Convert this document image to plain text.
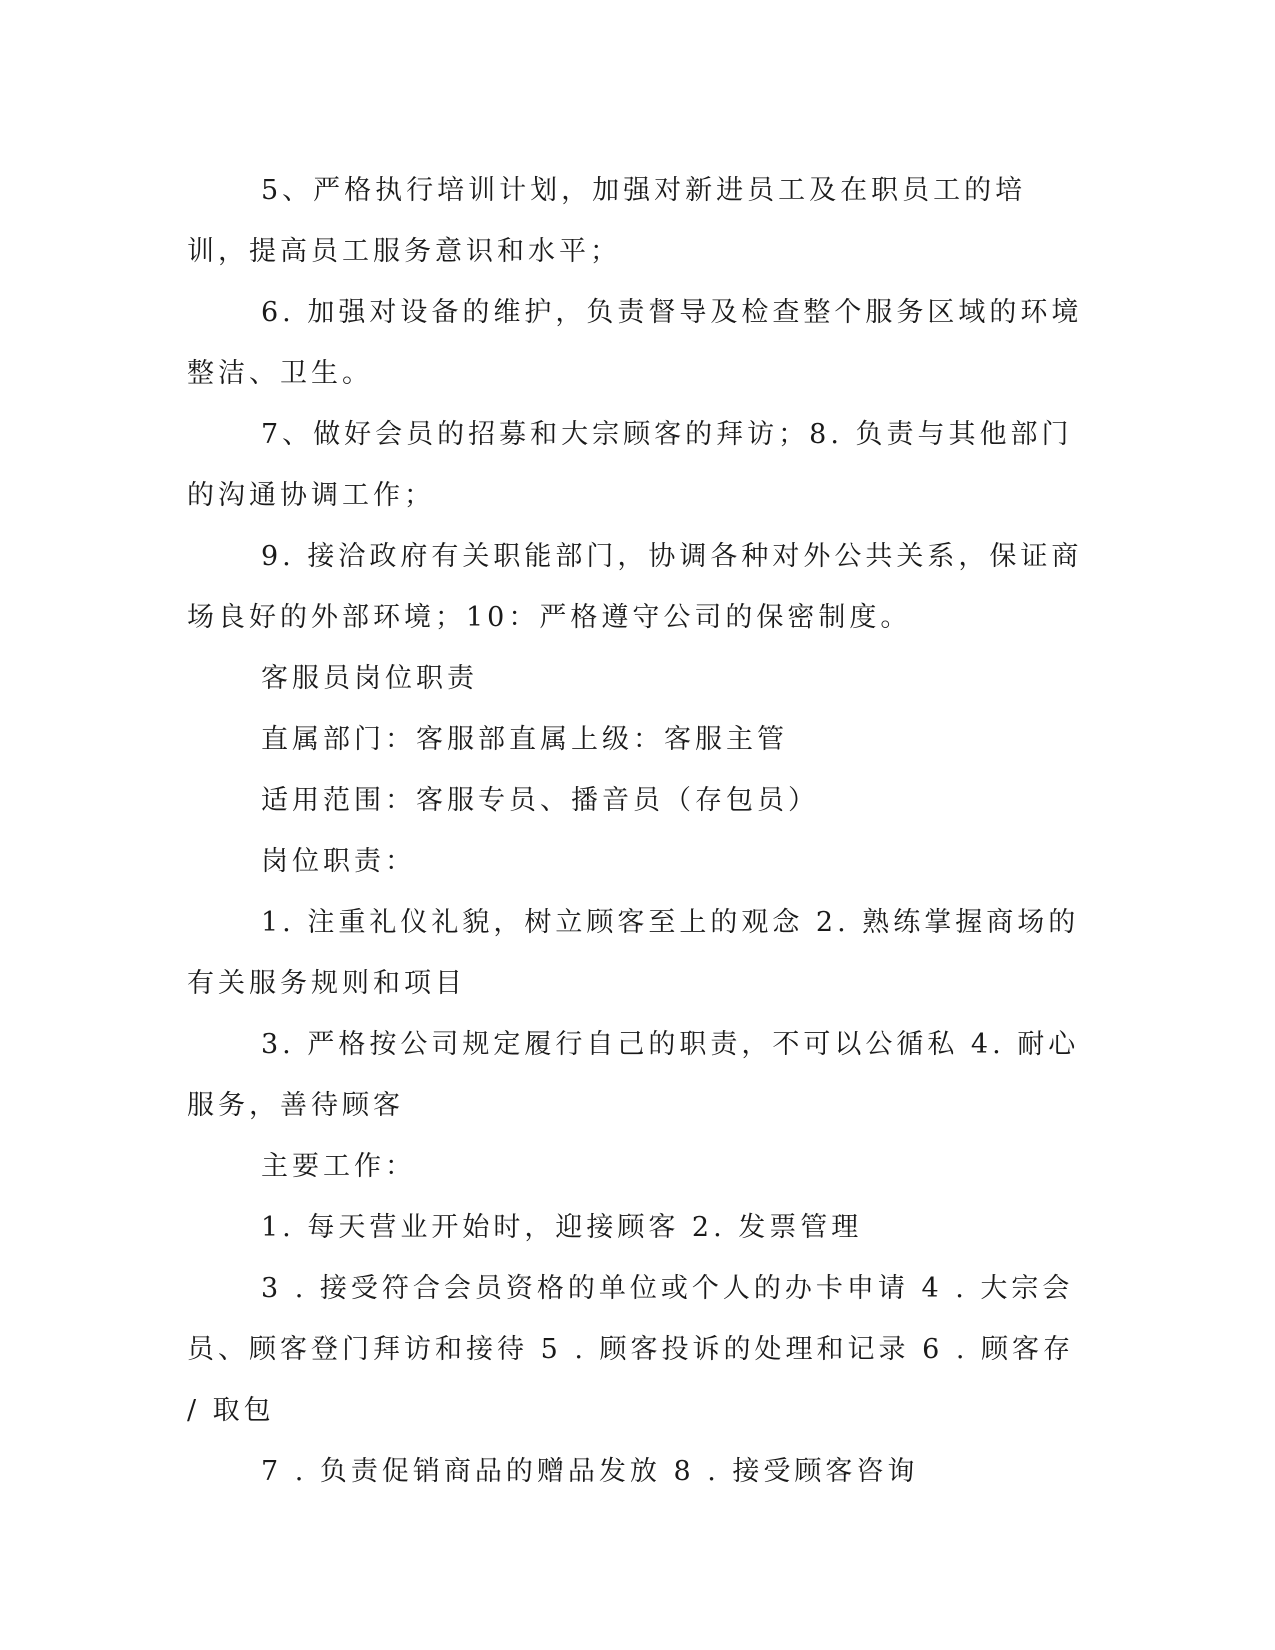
5、严格执行培训计划，加强对新进员工及在职员工的培训，提高员工服务意识和水平；

6. 加强对设备的维护，负责督导及检查整个服务区域的环境整洁、卫生。

7、做好会员的招募和大宗顾客的拜访；8. 负责与其他部门的沟通协调工作；

9. 接洽政府有关职能部门，协调各种对外公共关系，保证商场良好的外部环境；10：严格遵守公司的保密制度。

客服员岗位职责

直属部门：客服部直属上级：客服主管

适用范围：客服专员、播音员（存包员）

岗位职责：

1. 注重礼仪礼貌，树立顾客至上的观念 2. 熟练掌握商场的有关服务规则和项目

3. 严格按公司规定履行自己的职责，不可以公循私 4. 耐心服务，善待顾客

主要工作：

1. 每天营业开始时，迎接顾客 2. 发票管理

3 . 接受符合会员资格的单位或个人的办卡申请 4 . 大宗会员、顾客登门拜访和接待 5 . 顾客投诉的处理和记录 6 . 顾客存 / 取包

7 . 负责促销商品的赠品发放 8 . 接受顾客咨询
